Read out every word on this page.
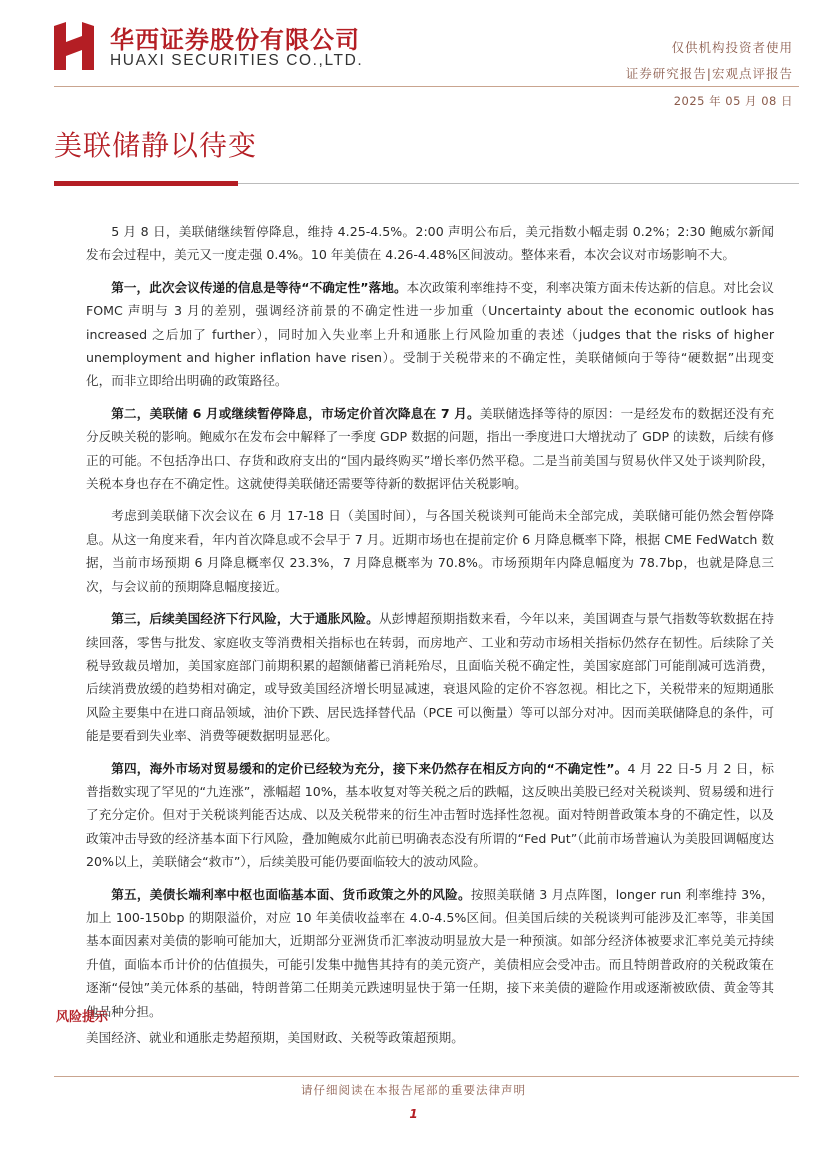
华西证券股份有限公司
HUAXI SECURITIES CO.,LTD.
仅供机构投资者使用
证券研究报告|宏观点评报告
2025 年 05 月 08 日
美联储静以待变

5 月 8 日，美联储继续暂停降息，维持 4.25-4.5%。2:00 声明公布后，美元指数小幅走弱 0.2%；2:30 鲍威尔新闻发布会过程中，美元又一度走强 0.4%。10 年美债在 4.26-4.48%区间波动。整体来看，本次会议对市场影响不大。

第一，此次会议传递的信息是等待“不确定性”落地。本次政策利率维持不变，利率决策方面未传达新的信息。对比会议 FOMC 声明与 3 月的差别，强调经济前景的不确定性进一步加重（Uncertainty about the economic outlook has increased 之后加了 further），同时加入失业率上升和通胀上行风险加重的表述（judges that the risks of higher unemployment and higher inflation have risen）。受制于关税带来的不确定性，美联储倾向于等待“硬数据”出现变化，而非立即给出明确的政策路径。

第二，美联储 6 月或继续暂停降息，市场定价首次降息在 7 月。美联储选择等待的原因：一是经发布的数据还没有充分反映关税的影响。鲍威尔在发布会中解释了一季度 GDP 数据的问题，指出一季度进口大增扰动了 GDP 的读数，后续有修正的可能。不包括净出口、存货和政府支出的“国内最终购买”增长率仍然平稳。二是当前美国与贸易伙伴又处于谈判阶段，关税本身也存在不确定性。这就使得美联储还需要等待新的数据评估关税影响。

考虑到美联储下次会议在 6 月 17-18 日（美国时间），与各国关税谈判可能尚未全部完成，美联储可能仍然会暂停降息。从这一角度来看，年内首次降息或不会早于 7 月。近期市场也在提前定价 6 月降息概率下降，根据 CME FedWatch 数据，当前市场预期 6 月降息概率仅 23.3%，7 月降息概率为 70.8%。市场预期年内降息幅度为 78.7bp，也就是降息三次，与会议前的预期降息幅度接近。

第三，后续美国经济下行风险，大于通胀风险。从彭博超预期指数来看，今年以来，美国调查与景气指数等软数据在持续回落，零售与批发、家庭收支等消费相关指标也在转弱，而房地产、工业和劳动市场相关指标仍然存在韧性。后续除了关税导致裁员增加，美国家庭部门前期积累的超额储蓄已消耗殆尽，且面临关税不确定性，美国家庭部门可能削减可选消费，后续消费放缓的趋势相对确定，或导致美国经济增长明显减速，衰退风险的定价不容忽视。相比之下，关税带来的短期通胀风险主要集中在进口商品领域，油价下跌、居民选择替代品（PCE 可以衡量）等可以部分对冲。因而美联储降息的条件，可能是要看到失业率、消费等硬数据明显恶化。

第四，海外市场对贸易缓和的定价已经较为充分，接下来仍然存在相反方向的“不确定性”。4 月 22 日-5 月 2 日，标普指数实现了罕见的“九连涨”，涨幅超 10%，基本收复对等关税之后的跌幅，这反映出美股已经对关税谈判、贸易缓和进行了充分定价。但对于关税谈判能否达成、以及关税带来的衍生冲击暂时选择性忽视。面对特朗普政策本身的不确定性，以及政策冲击导致的经济基本面下行风险，叠加鲍威尔此前已明确表态没有所谓的“Fed Put”（此前市场普遍认为美股回调幅度达 20%以上，美联储会“救市”），后续美股可能仍要面临较大的波动风险。

第五，美债长端利率中枢也面临基本面、货币政策之外的风险。按照美联储 3 月点阵图，longer run 利率维持 3%，加上 100-150bp 的期限溢价，对应 10 年美债收益率在 4.0-4.5%区间。但美国后续的关税谈判可能涉及汇率等，非美国基本面因素对美债的影响可能加大，近期部分亚洲货币汇率波动明显放大是一种预演。如部分经济体被要求汇率兑美元持续升值，面临本币计价的估值损失，可能引发集中抛售其持有的美元资产，美债相应会受冲击。而且特朗普政府的关税政策在逐渐“侵蚀”美元体系的基础，特朗普第二任期美元跌速明显快于第一任期，接下来美债的避险作用或逐渐被欧债、黄金等其他品种分担。

风险提示
美国经济、就业和通胀走势超预期，美国财政、关税等政策超预期。
请仔细阅读在本报告尾部的重要法律声明
1
